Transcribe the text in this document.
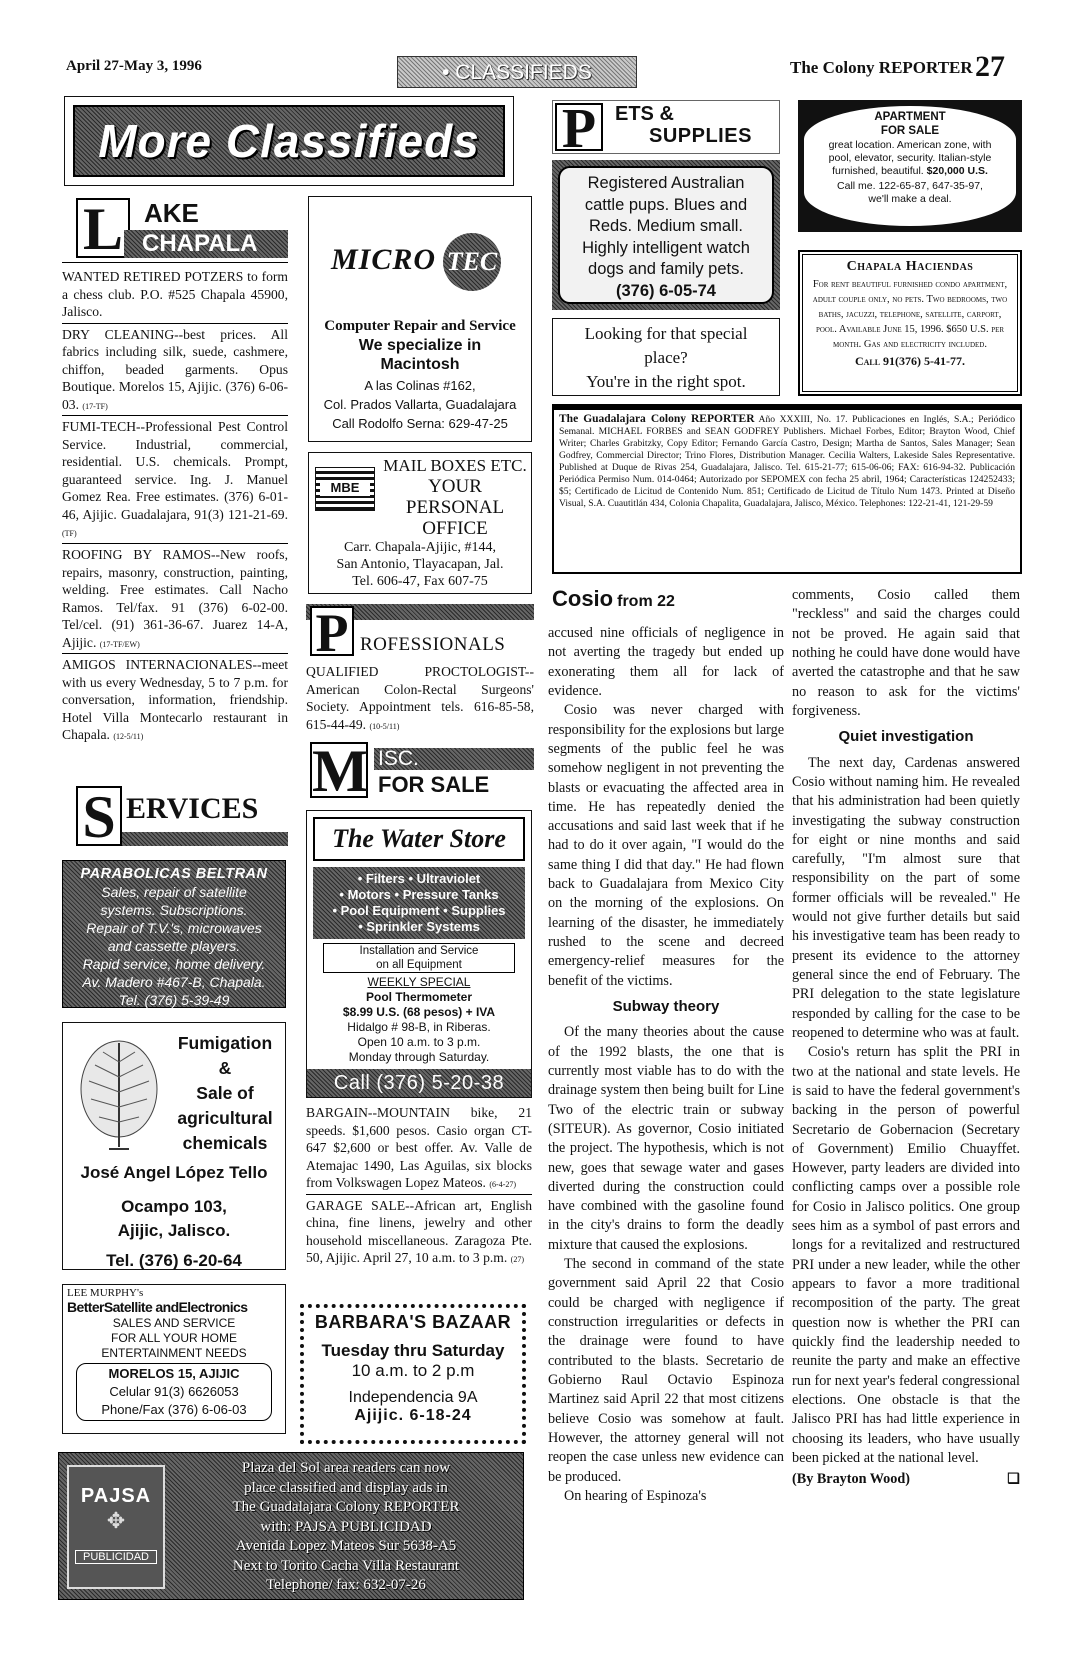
April 27-May 3, 1996	• CLASSIFIEDS	The Colony REPORTER 27
More Classifieds
L AKE
CHAPALA

WANTED RETIRED POTZERS to form a chess club. P.O. #525 Chapala 45900, Jalisco.

DRY CLEANING--best prices. All fabrics including silk, suede, cashmere, chiffon, beaded garments. Opus Boutique. Morelos 15, Ajijic. (376) 6-06-03. (17-TF)

FUMI-TECH--Professional Pest Control Service. Industrial, commercial, residential. U.S. chemicals. Prompt, guaranteed service. Ing. J. Manuel Gomez Rea. Free estimates. (376) 6-01-46, Ajijic. Guadalajara, 91(3) 121-21-69. (TF)

ROOFING BY RAMOS--New roofs, repairs, masonry, construction, painting, welding. Free estimates. Call Nacho Ramos. Tel/fax. 91 (376) 6-02-00. Tel/cel. (91) 361-36-67. Juarez 14-A, Ajijic. (17-TF/EW)

AMIGOS INTERNACIONALES--meet with us every Wednesday, 5 to 7 p.m. for conversation, information, friendship. Hotel Villa Montecarlo restaurant in Chapala. (12-5/11)

S ERVICES
PARABOLICAS BELTRAN
Sales, repair of satellite
systems. Subscriptions.
Repair of T.V.'s, microwaves
and cassette players.
Rapid service, home delivery.
Av. Madero #467-B, Chapala.
Tel. (376) 5-39-49
Fumigation
&
Sale of
agricultural
chemicals
José Angel López Tello
Ocampo 103,
Ajijic, Jalisco.
Tel. (376) 6-20-64
LEE MURPHY's
BetterSatellite andElectronics
SALES AND SERVICE
FOR ALL YOUR HOME
ENTERTAINMENT NEEDS
MORELOS 15, AJIJIC
Celular 91(3) 6626053
Phone/Fax (376) 6-06-03
PAJSA
✥
PUBLICIDAD
Plaza del Sol area readers can now
place classified and display ads in
The Guadalajara Colony REPORTER
with: PAJSA PUBLICIDAD
Avenida Lopez Mateos Sur 5638-A5
Next to Torito Cacha Villa Restaurant
Telephone/ fax: 632-07-26
MICRO TEC
Computer Repair and Service
We specialize in
Macintosh
A las Colinas #162,
Col. Prados Vallarta, Guadalajara
Call Rodolfo Serna: 629-47-25
MBE
MAIL BOXES ETC.
YOUR
PERSONAL
OFFICE
Carr. Chapala-Ajijic, #144,
San Antonio, Tlayacapan, Jal.
Tel. 606-47, Fax 607-75
P ROFESSIONALS

QUALIFIED PROCTOLOGIST--American Colon-Rectal Surgeons' Society. Appointment tels. 616-85-58, 615-44-49. (10-5/11)

M ISC.
FOR SALE
The Water Store
• Filters • Ultraviolet
• Motors • Pressure Tanks
• Pool Equipment • Supplies
• Sprinkler Systems
Installation and Service
on all Equipment
WEEKLY SPECIAL
Pool Thermometer
$8.99 U.S. (68 pesos) + IVA
Hidalgo # 98-B, in Riberas.
Open 10 a.m. to 3 p.m.
Monday through Saturday.
Call (376) 5-20-38

BARGAIN--MOUNTAIN bike, 21 speeds. $1,600 pesos. Casio organ CT-647 $2,600 or best offer. Av. Valle de Atemajac 1490, Las Aguilas, six blocks from Volkswagen Lopez Mateos. (6-4-27)

GARAGE SALE--African art, English china, fine linens, jewelry and other household miscellaneous. Zaragoza Pte. 50, Ajijic. April 27, 10 a.m. to 3 p.m. (27)

BARBARA'S BAZAAR
Tuesday thru Saturday
10 a.m. to 2 p.m
Independencia 9A
Ajijic. 6-18-24
P ETS &
SUPPLIES
Registered Australian
cattle pups. Blues and
Reds. Medium small.
Highly intelligent watch
dogs and family pets.
(376) 6-05-74
Looking for that special
place?
You're in the right spot.
APARTMENT
FOR SALE
great location. American zone, with pool, elevator, security. Italian-style furnished, beautiful. $20,000 U.S.
Call me. 122-65-87, 647-35-97,
we'll make a deal.
Chapala Haciendas
For rent beautiful furnished condo apartment, adult couple only, no pets. Two bedrooms, two baths, jacuzzi, telephone, satellite, carport, pool. Available June 15, 1996. $650 U.S. per month. Gas and electricity included.
Call 91(376) 5-41-77.
The Guadalajara Colony REPORTER Año XXXIII, No. 17. Publicaciones en Inglés, S.A.; Periódico Semanal. MICHAEL FORBES and SEAN GODFREY Publishers. Michael Forbes, Editor; Brayton Wood, Chief Writer; Charles Grabitzky, Copy Editor; Fernando García Castro, Design; Martha de Santos, Sales Manager; Sean Godfrey, Commercial Director; Trino Flores, Distribution Manager. Cecilia Walters, Lakeside Sales Representative. Published at Duque de Rivas 254, Guadalajara, Jalisco. Tel. 615-21-77; 615-06-06; FAX: 616-94-32. Publicación Periódica Permiso Num. 014-0464; Autorizado por SEPOMEX con fecha 25 abril, 1964; Características 124252433; $5; Certificado de Licitud de Contenido Num. 851; Certificado de Licitud de Título Num 1473. Printed at Diseño Visual, S.A. Cuautitlán 434, Colonia Chapalita, Guadalajara, Jalisco, México. Telephones: 122-21-41, 121-29-59
Cosio from 22

accused nine officials of negligence in not averting the tragedy but ended up exonerating them all for lack of evidence.

Cosio was never charged with responsibility for the explosions but large segments of the public feel he was somehow negligent in not preventing the blasts or evacuating the affected area in time. He has repeatedly denied the accusations and said last week that if he had to do it over again, "I would do the same thing I did that day." He had flown back to Guadalajara from Mexico City on the morning of the explosions. On learning of the disaster, he immediately rushed to the scene and decreed emergency-relief measures for the benefit of the victims.

Subway theory

Of the many theories about the cause of the 1992 blasts, the one that is currently most viable has to do with the drainage system then being built for Line Two of the electric train or subway (SITEUR). As governor, Cosio initiated the project. The hypothesis, which is not new, goes that sewage water and gases diverted during the construction could have combined with the gasoline found in the city's drains to form the deadly mixture that caused the explosions.

The second in command of the state government said April 22 that Cosio could be charged with negligence if construction irregularities or defects in the drainage were found to have contributed to the blasts. Secretario de Gobierno Raul Octavio Espinoza Martinez said April 22 that most citizens believe Cosio was somehow at fault. However, the attorney general will not reopen the case unless new evidence can be produced.

On hearing of Espinoza's

comments, Cosio called them "reckless" and said the charges could not be proved. He again said that nothing he could have done would have averted the catastrophe and that he saw no reason to ask for the victims' forgiveness.

Quiet investigation

The next day, Cardenas answered Cosio without naming him. He revealed that his administration had been quietly investigating the subway construction for eight or nine months and said carefully, "I'm almost sure that responsibility on the part of some former officials will be revealed." He would not give further details but said his investigative team has been ready to present its evidence to the attorney general since the end of February. The PRI delegation to the state legislature responded by calling for the case to be reopened to determine who was at fault.

Cosio's return has split the PRI in two at the national and state levels. He is said to have the federal government's backing in the person of powerful Secretario de Gobernacion (Secretary of Government) Emilio Chuayffet. However, party leaders are divided into conflicting camps over a possible role for Cosio in Jalisco politics. One group sees him as a symbol of past errors and longs for a revitalized and restructured PRI under a new leader, while the other appears to favor a more traditional recomposition of the party. The great question now is whether the PRI can quickly find the leadership needed to reunite the party and make an effective run for next year's federal congressional elections. One obstacle is that the Jalisco PRI has had little experience in choosing its leaders, who have usually been picked at the national level.

(By Brayton Wood)	❑
